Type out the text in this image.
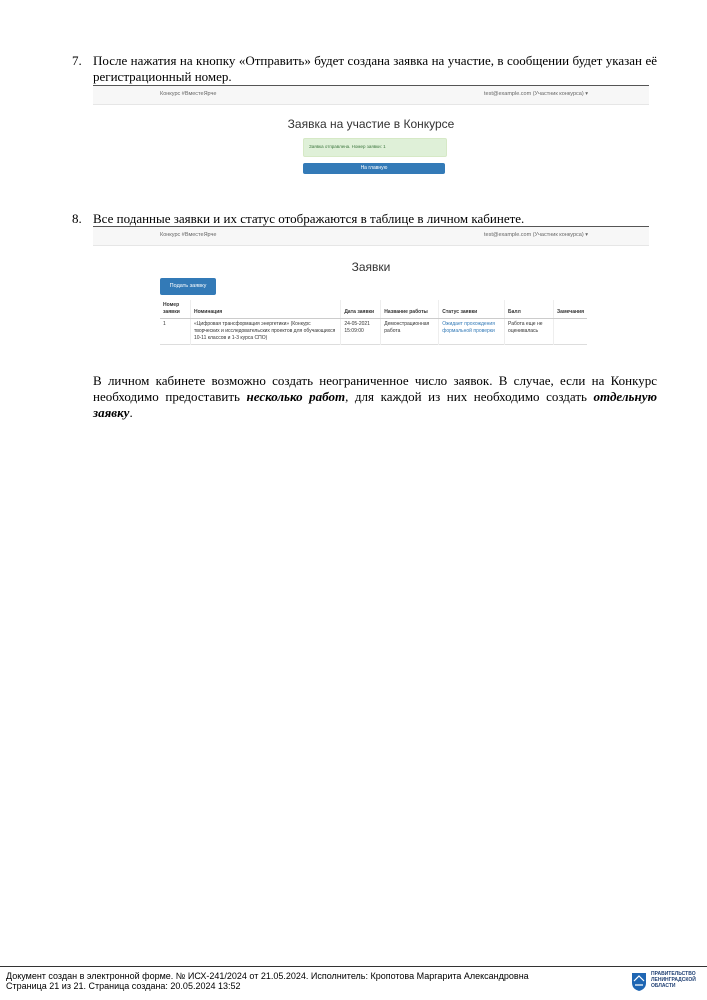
7. После нажатия на кнопку «Отправить» будет создана заявка на участие, в сообщении будет указан её регистрационный номер.
Конкурс #ВместеЯрче	test@example.com (Участник конкурса) ▾
Заявка на участие в Конкурсе
Заявка отправлена. Номер заявки: 1
На главную
8. Все поданные заявки и их статус отображаются в таблице в личном кабинете.
Конкурс #ВместеЯрче	test@example.com (Участник конкурса) ▾
Заявки
Подать заявку
Номер заявки	Номинация	Дата заявки	Название работы	Статус заявки	Балл	Замечания
1	«Цифровая трансформация энергетики» (Конкурс творческих и исследовательских проектов для обучающихся 10-11 классов и 1-3 курса СПО)	24-05-2021 15:09:00	Демонстрационная работа	Ожидает прохождения формальной проверки	Работа еще не оценивалась	
В личном кабинете возможно создать неограниченное число заявок. В случае, если на Конкурс необходимо предоставить несколько работ, для каждой из них необходимо создать отдельную заявку.
Документ создан в электронной форме. № ИСХ-241/2024 от 21.05.2024. Исполнитель: Кропотова Маргарита Александровна
Страница 21 из 21. Страница создана: 20.05.2024 13:52
ПРАВИТЕЛЬСТВО ЛЕНИНГРАДСКОЙ ОБЛАСТИ
